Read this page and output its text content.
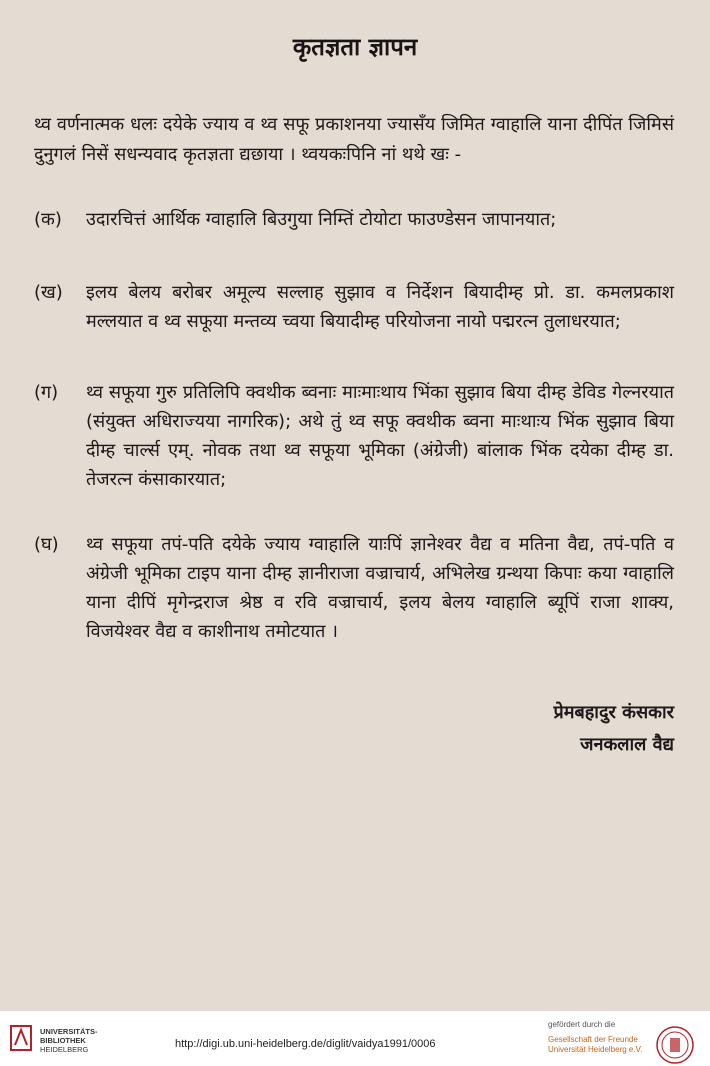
कृतज्ञता ज्ञापन

थ्व वर्णनात्मक धलः दयेके ज्याय व थ्व सफू प्रकाशनया ज्यासँय जिमित ग्वाहालि याना दीपिंत जिमिसं दुनुगलं निसें सधन्यवाद कृतज्ञता द्यछाया । थ्वयकःपिनि नां थथे खः -

(क)	उदारचित्तं आर्थिक ग्वाहालि बिउगुया निम्तिं टोयोटा फाउण्डेसन जापानयात;
(ख)	इलय बेलय बरोबर अमूल्य सल्लाह सुझाव व निर्देशन बियादीम्ह प्रो. डा. कमलप्रकाश मल्लयात व थ्व सफूया मन्तव्य च्वया बियादीम्ह परियोजना नायो पद्मरत्न तुलाधरयात;
(ग)	थ्व सफूया गुरु प्रतिलिपि क्वथीक ब्वनाः माःमाःथाय भिंका सुझाव बिया दीम्ह डेविड गेल्नरयात (संयुक्त अधिराज्यया नागरिक); अथे तुं थ्व सफू क्वथीक ब्वना माःथाःय भिंक सुझाव बिया दीम्ह चार्ल्स एम्. नोवक तथा थ्व सफूया भूमिका (अंग्रेजी) बांलाक भिंक दयेका दीम्ह डा. तेजरत्न कंसाकारयात;
(घ)	थ्व सफूया तपं-पति दयेके ज्याय ग्वाहालि याःपिं ज्ञानेश्वर वैद्य व मतिना वैद्य, तपं-पति व अंग्रेजी भूमिका टाइप याना दीम्ह ज्ञानीराजा वज्राचार्य, अभिलेख ग्रन्थया किपाः कया ग्वाहालि याना दीपिं मृगेन्द्रराज श्रेष्ठ व रवि वज्राचार्य, इलय बेलय ग्वाहालि ब्यूपिं राजा शाक्य, विजयेश्वर वैद्य व काशीनाथ तमोटयात ।
प्रेमबहादुर कंसकार
जनकलाल वैद्य
UNIVERSITÄTS-
BIBLIOTHEK
HEIDELBERG	http://digi.ub.uni-heidelberg.de/diglit/vaidya1991/0006
gefördert durch die
Gesellschaft der Freunde
Universität Heidelberg e.V.
